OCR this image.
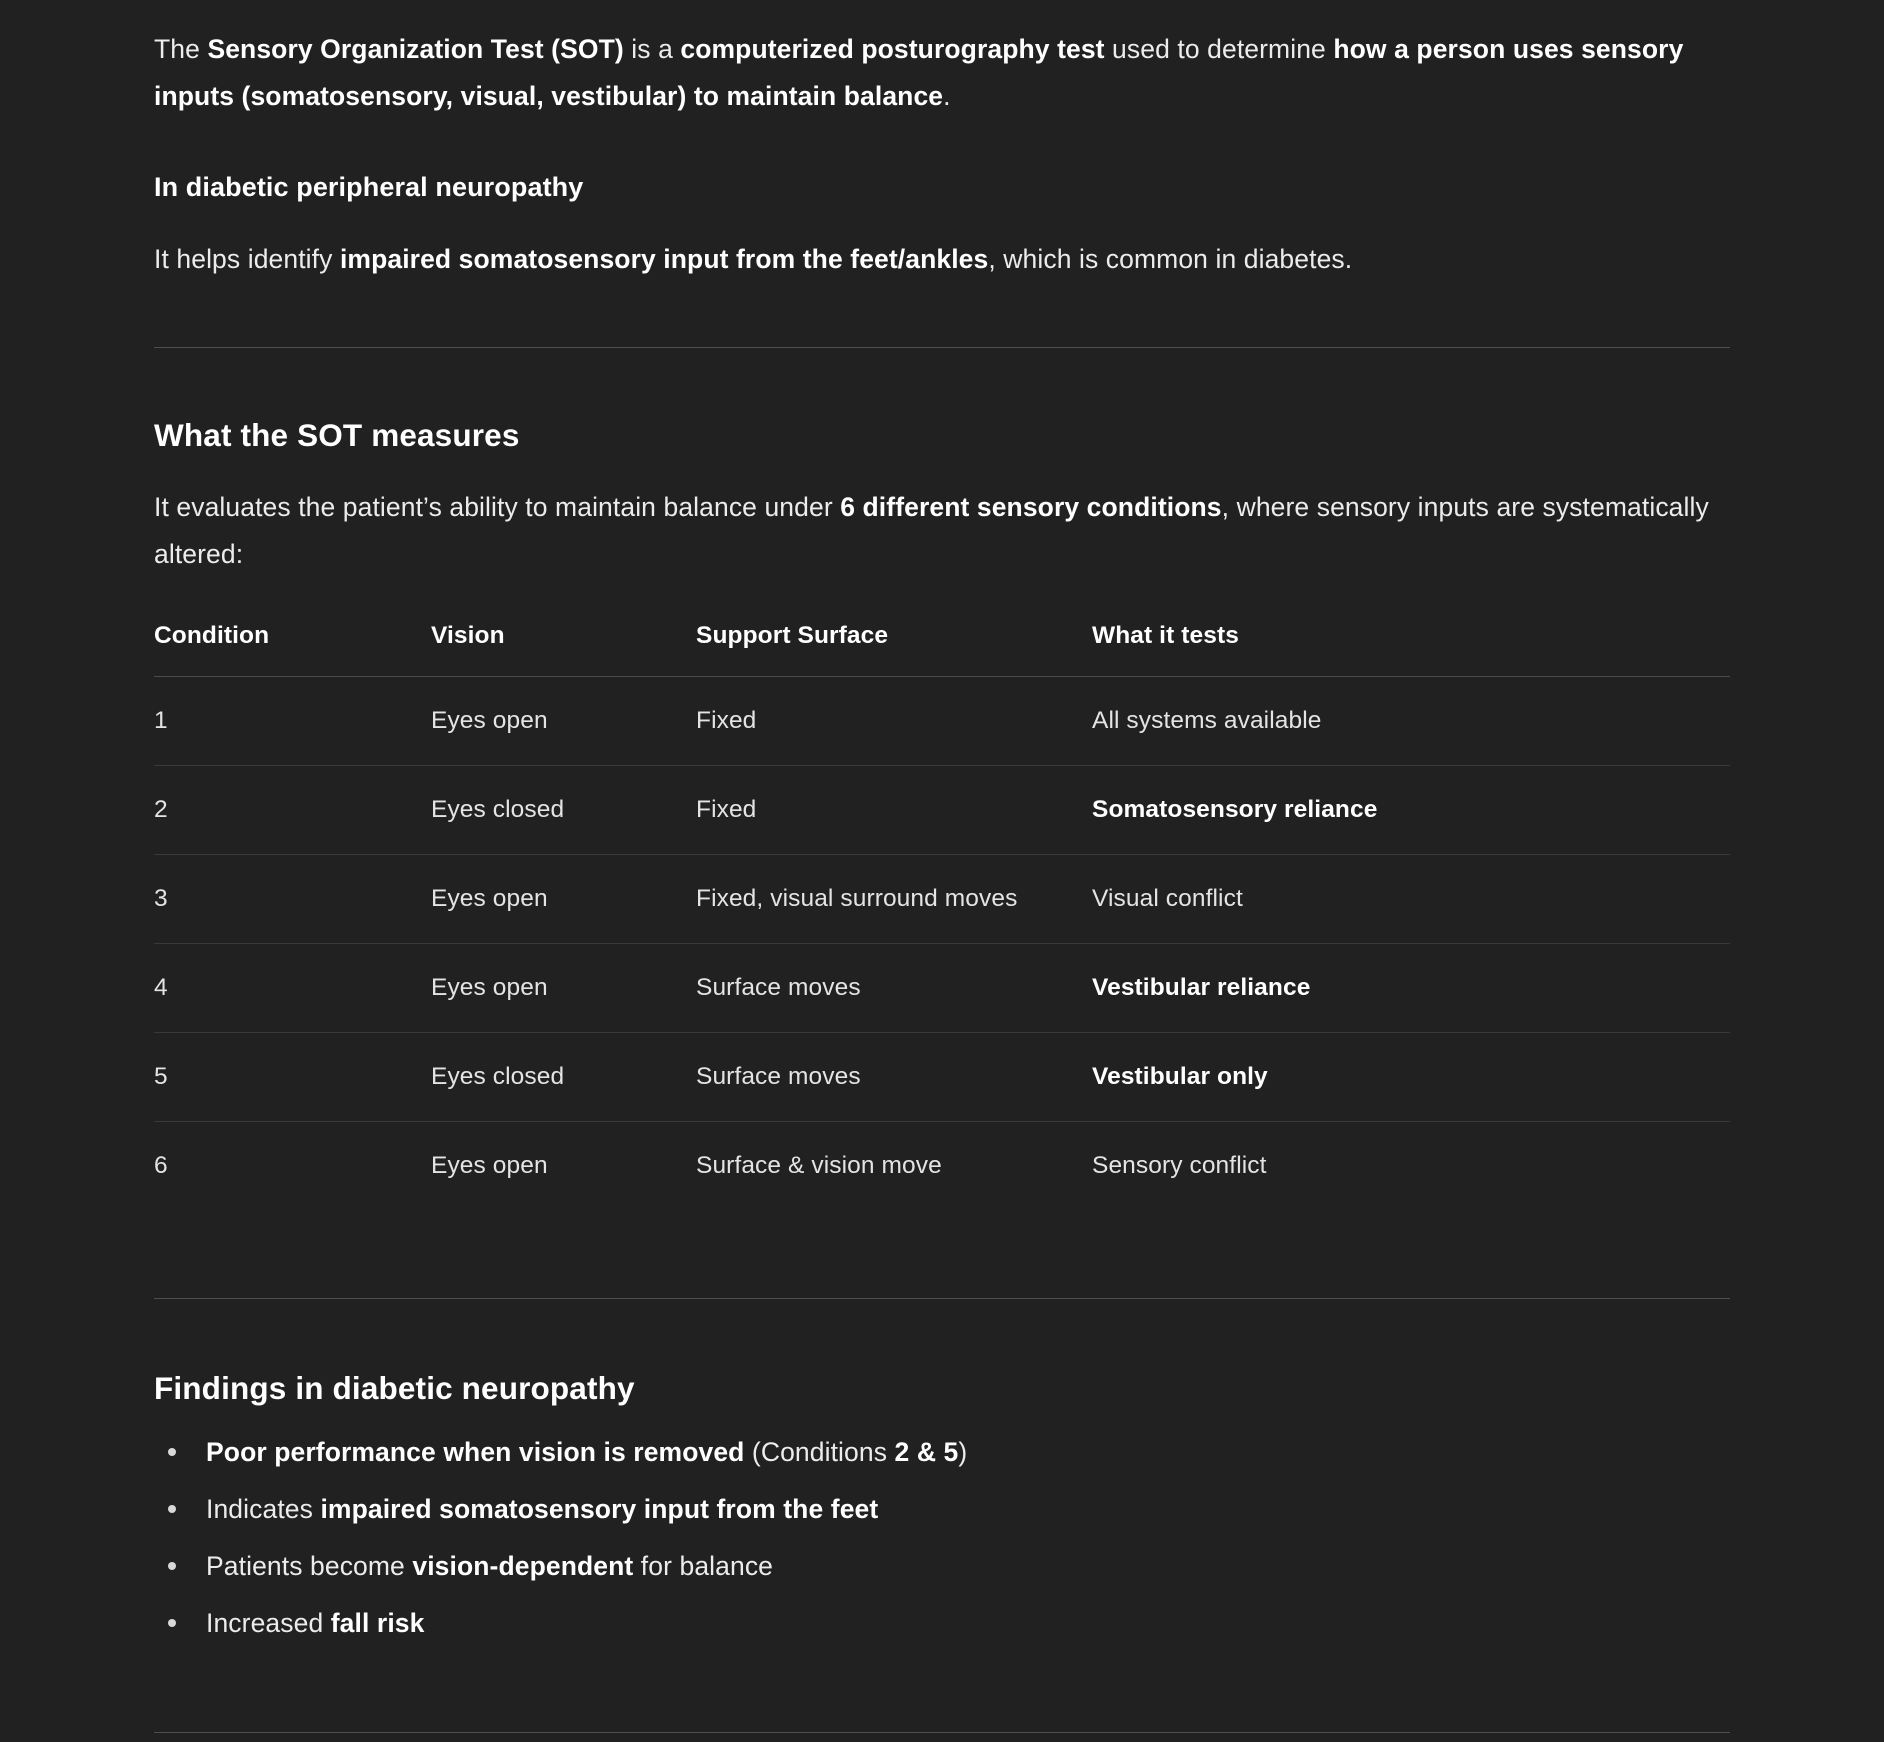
The Sensory Organization Test (SOT) is a computerized posturography test used to determine how a person uses sensory inputs (somatosensory, visual, vestibular) to maintain balance.

In diabetic peripheral neuropathy

It helps identify impaired somatosensory input from the feet/ankles, which is common in diabetes.

What the SOT measures

It evaluates the patient’s ability to maintain balance under 6 different sensory conditions, where sensory inputs are systematically altered:

Condition	Vision	Support Surface	What it tests
1	Eyes open	Fixed	All systems available
2	Eyes closed	Fixed	Somatosensory reliance
3	Eyes open	Fixed, visual surround moves	Visual conflict
4	Eyes open	Surface moves	Vestibular reliance
5	Eyes closed	Surface moves	Vestibular only
6	Eyes open	Surface & vision move	Sensory conflict
Findings in diabetic neuropathy
Poor performance when vision is removed (Conditions 2 & 5)
Indicates impaired somatosensory input from the feet
Patients become vision-dependent for balance
Increased fall risk
